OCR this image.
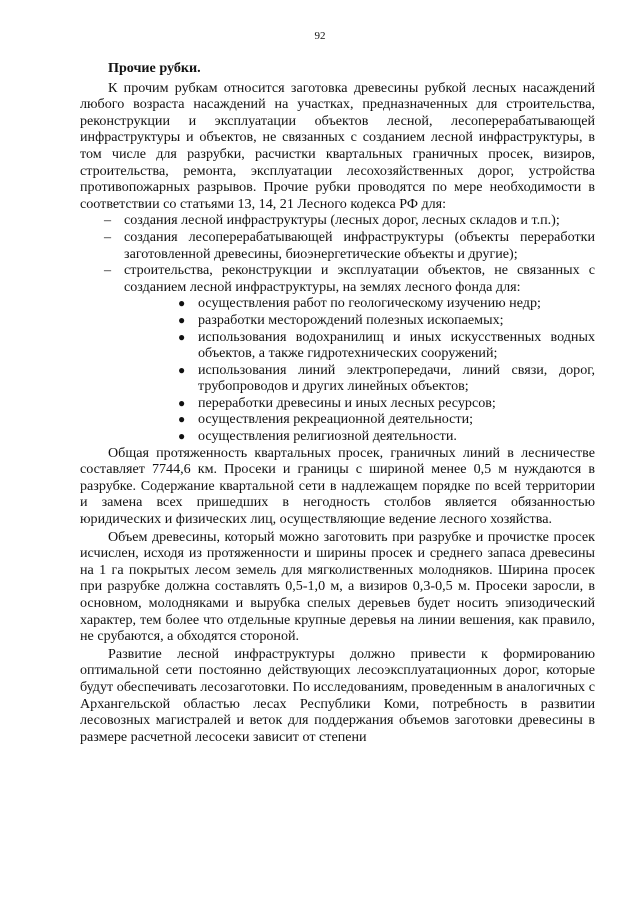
92
Прочие рубки.

К прочим рубкам относится заготовка древесины рубкой лесных насаждений любого возраста насаждений на участках, предназначенных для строительства, реконструкции и эксплуатации объектов лесной, лесоперерабатывающей инфраструктуры и объектов, не связанных с созданием лесной инфраструктуры, в том числе для разрубки, расчистки квартальных граничных просек, визиров, строительства, ремонта, эксплуатации лесохозяйственных дорог, устройства противопожарных разрывов. Прочие рубки проводятся по мере необходимости в соответствии со статьями 13, 14, 21 Лесного кодекса РФ для:

– создания лесной инфраструктуры (лесных дорог, лесных складов и т.п.);
– создания лесоперерабатывающей инфраструктуры (объекты переработки заготовленной древесины, биоэнергетические объекты и другие);
– строительства, реконструкции и эксплуатации объектов, не связанных с созданием лесной инфраструктуры, на землях лесного фонда для:
● осуществления работ по геологическому изучению недр;
● разработки месторождений полезных ископаемых;
● использования водохранилищ и иных искусственных водных объектов, а также гидротехнических сооружений;
● использования линий электропередачи, линий связи, дорог, трубопроводов и других линейных объектов;
● переработки древесины и иных лесных ресурсов;
● осуществления рекреационной деятельности;
● осуществления религиозной деятельности.

Общая протяженность квартальных просек, граничных линий в лесничестве составляет 7744,6 км. Просеки и границы с шириной менее 0,5 м нуждаются в разрубке. Содержание квартальной сети в надлежащем порядке по всей территории и замена всех пришедших в негодность столбов является обязанностью юридических и физических лиц, осуществляющие ведение лесного хозяйства.

Объем древесины, который можно заготовить при разрубке и прочистке просек исчислен, исходя из протяженности и ширины просек и среднего запаса древесины на 1 га покрытых лесом земель для мягколиственных молодняков. Ширина просек при разрубке должна составлять 0,5-1,0 м, а визиров 0,3-0,5 м. Просеки заросли, в основном, молодняками и вырубка спелых деревьев будет носить эпизодический характер, тем более что отдельные крупные деревья на линии вешения, как правило, не срубаются, а обходятся стороной.

Развитие лесной инфраструктуры должно привести к формированию оптимальной сети постоянно действующих лесоэксплуатационных дорог, которые будут обеспечивать лесозаготовки. По исследованиям, проведенным в аналогичных с Архангельской областью лесах Республики Коми, потребность в развитии лесовозных магистралей и веток для поддержания объемов заготовки древесины в размере расчетной лесосеки зависит от степени
